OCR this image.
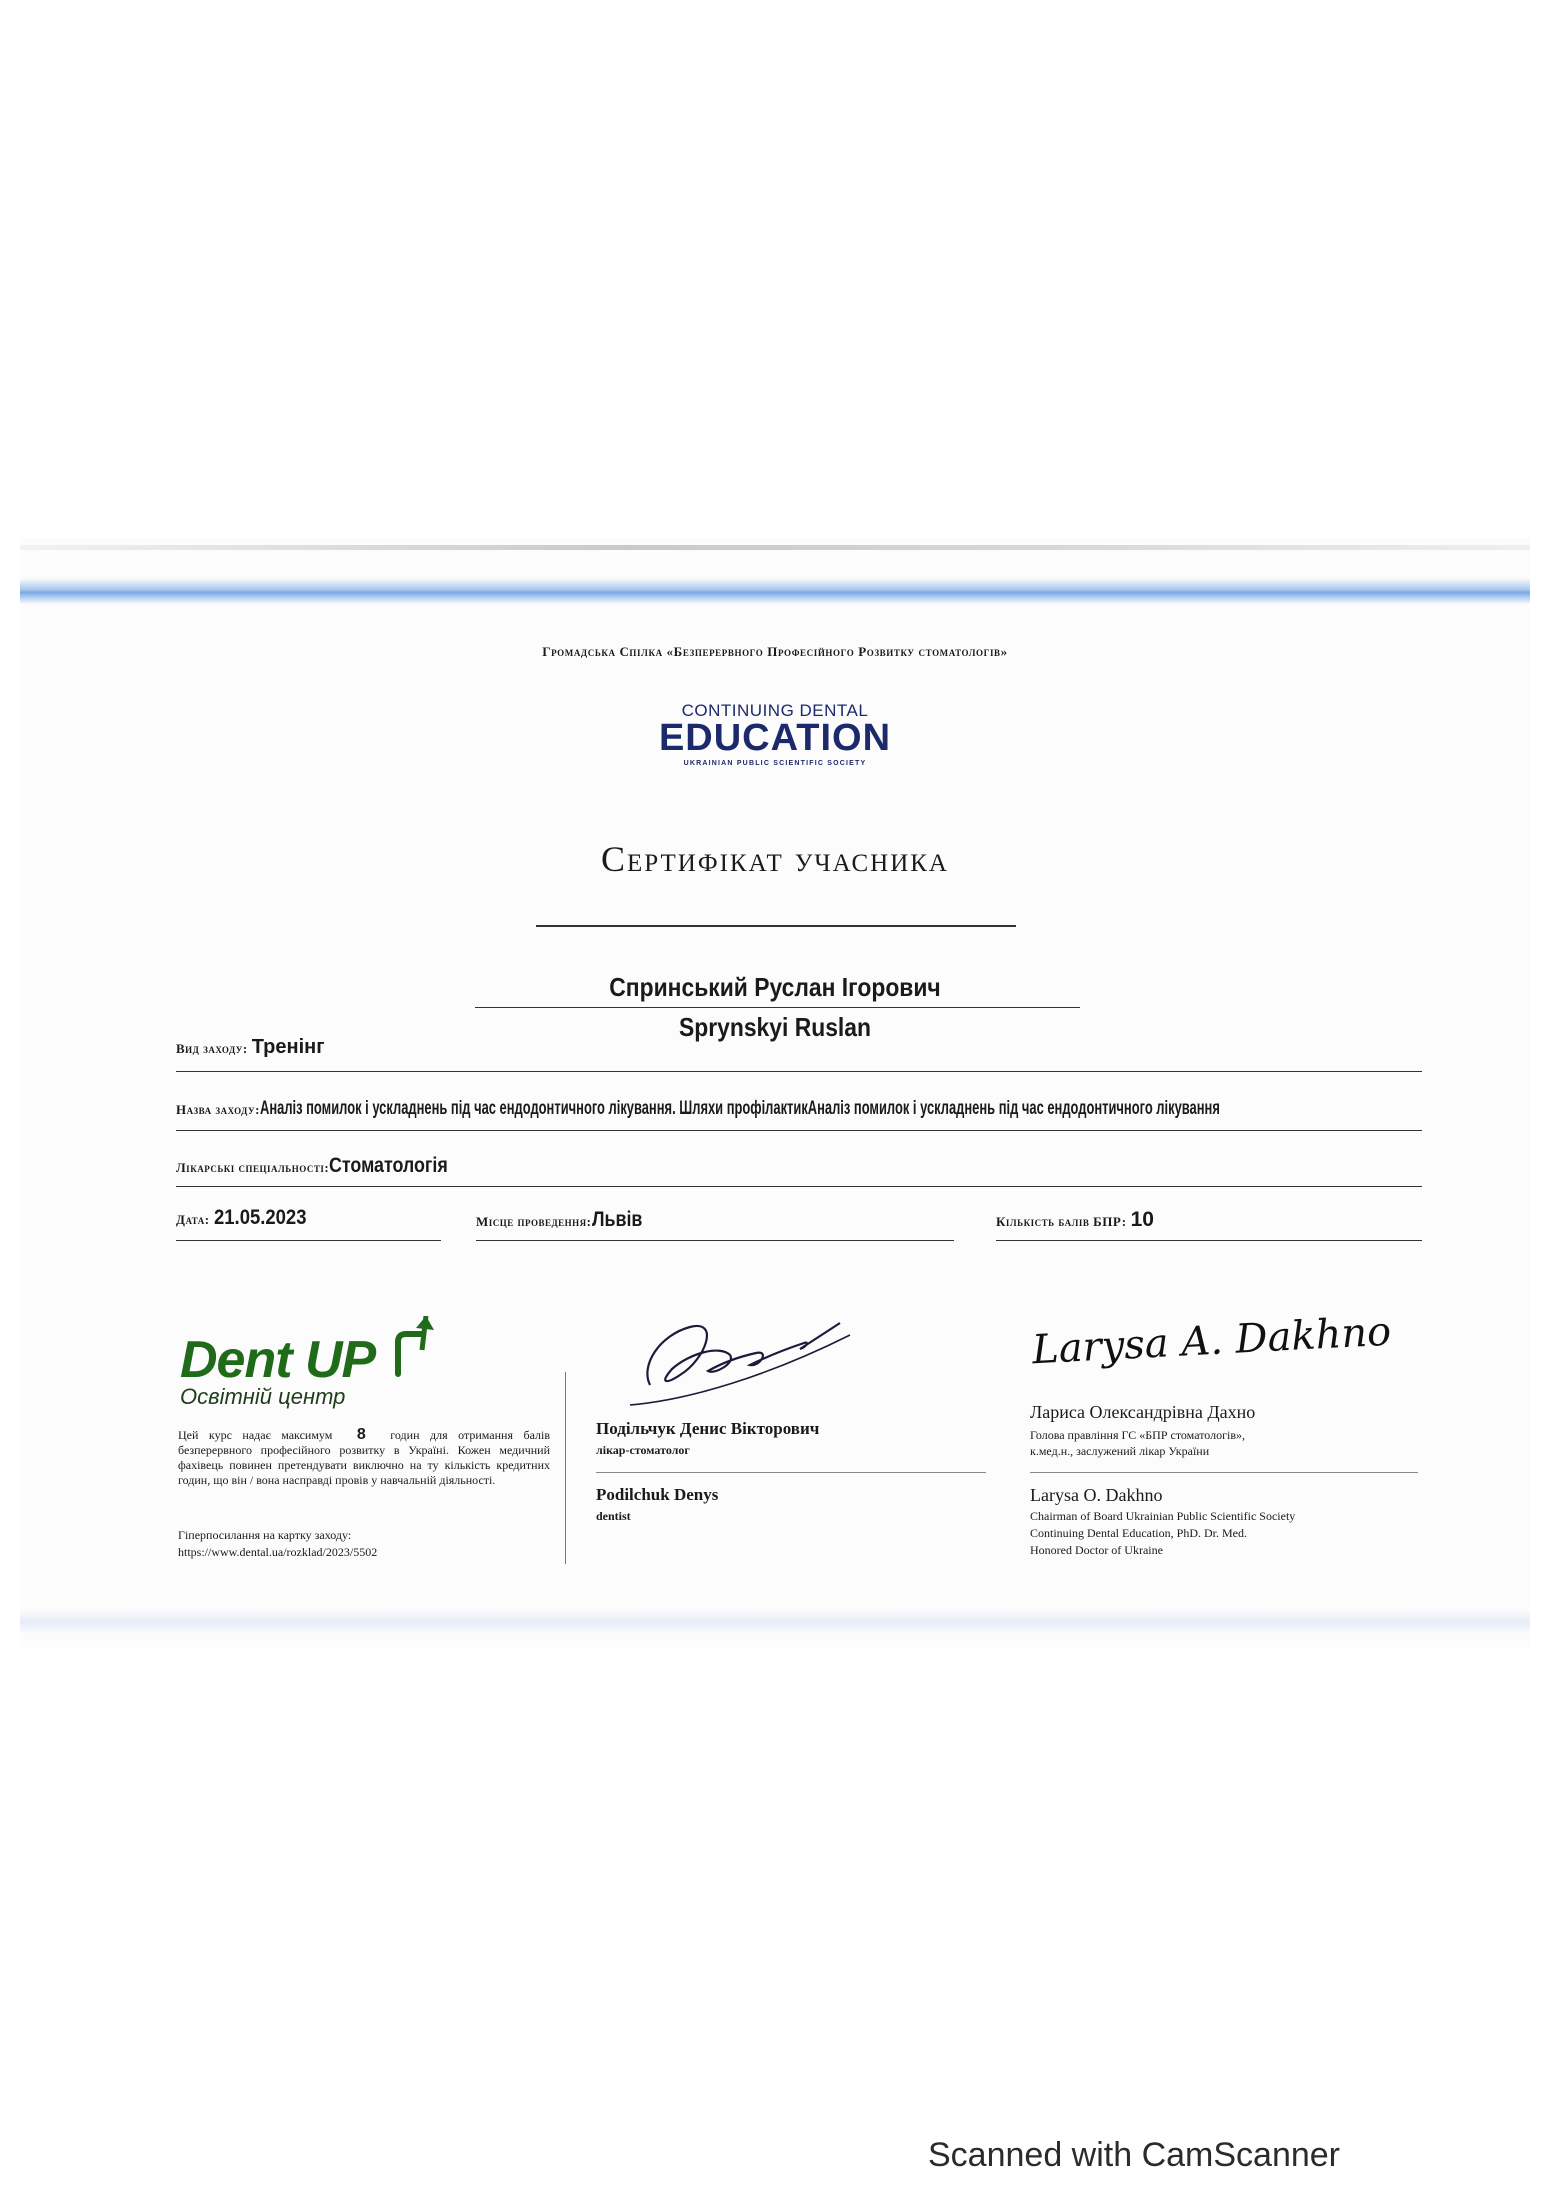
Громадська Спілка «Безперервного Професійного Розвитку стоматологів»
CONTINUING DENTAL
EDUCATION
UKRAINIAN PUBLIC SCIENTIFIC SOCIETY
Сертифікат учасника
Спринський Руслан Ігорович
Sprynskyi Ruslan
Вид заходу: Тренінг
Назва заходу:Аналіз помилок і ускладнень під час ендодонтичного лікування. Шляхи профілактикАналіз помилок і ускладнень під час ендодонтичного лікування
Лікарські спеціальності:Стоматологія
Дата: 21.05.2023	Місце проведення:Львів	Кількість балів БПР: 10
Dent UP
Освітній центр
Цей курс надає максимум 8 годин для отримання балів безперервного професійного розвитку в Україні. Кожен медичний фахівець повинен претендувати виключно на ту кількість кредитних годин, що він / вона насправді провів у навчальній діяльності.
Гіперпосилання на картку заходу:
https://www.dental.ua/rozklad/2023/5502
Подільчук Денис Вікторович
лікар-стоматолог
Podilchuk Denys
dentist
Larysa A. Dakhno
Лариса Олександрівна Дахно
Голова правління ГС «БПР стоматологів»,
к.мед.н., заслужений лікар України
Larysa O. Dakhno
Chairman of Board Ukrainian Public Scientific Society
Continuing Dental Education, PhD. Dr. Med.
Honored Doctor of Ukraine
Scanned with CamScanner
